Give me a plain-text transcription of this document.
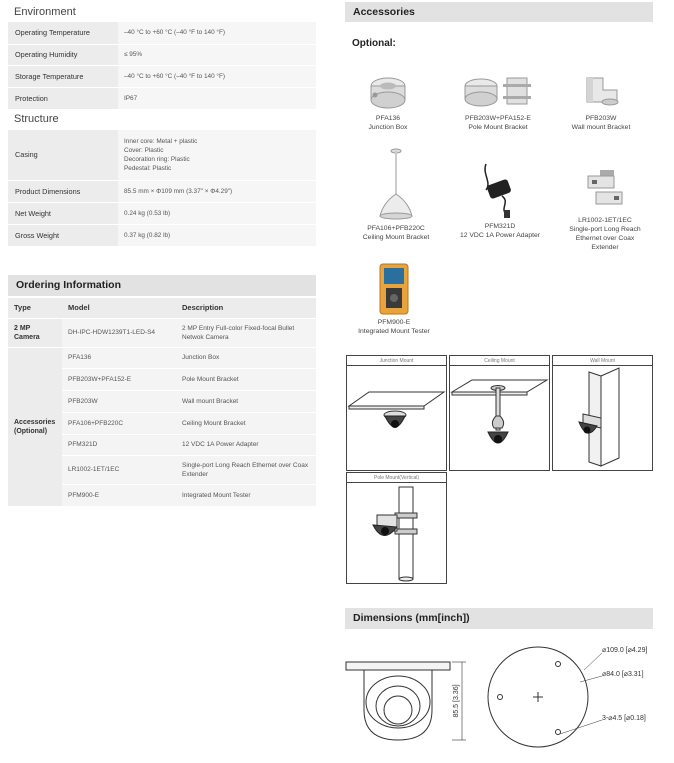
Environment
Operating Temperature	–40 °C to +60 °C (–40 °F to 140 °F)
Operating Humidity	≤ 95%
Storage Temperature	–40 °C to +60 °C (–40 °F to 140 °F)
Protection	IP67
Structure
Casing	Inner core: Metal + plastic
Cover: Plastic
Decoration ring: Plastic
Pedestal: Plastic

Product Dimensions	85.5 mm × Φ109 mm (3.37" × Φ4.29")
Net Weight	0.24 kg (0.53 lb)
Gross Weight	0.37 kg (0.82 lb)
Ordering Information
Type	Model	Description
2 MP Camera	DH-IPC-HDW1239T1-LED-S4	2 MP Entry Full-color Fixed-focal Bullet Netwok Camera
Accessories (Optional)	PFA136	Junction Box
	PFB203W+PFA152-E	Pole Mount Bracket
	PFB203W	Wall mount Bracket
	PFA106+PFB220C	Ceiling Mount Bracket
	PFM321D	12 VDC 1A Power Adapter
	LR1002-1ET/1EC	Single-port Long Reach Ethernet over Coax Extender
	PFM900-E	Integrated Mount Tester
Accessories
Optional:
PFA136
Junction Box
PFB203W+PFA152-E
Pole Mount Bracket
PFB203W
Wall mount Bracket
PFA106+PFB220C
Ceiling Mount Bracket
PFM321D
12 VDC 1A Power Adapter
LR1002-1ET/1EC
Single-port Long Reach Ethernet over Coax Extender
PFM900-E
Integrated Mount Tester
Junction Mount	Ceiling Mount	Wall Mount
Pole Mount(Vertical)
Dimensions (mm[inch])
85.5 [3.36]
⌀109.0 [⌀4.29]
⌀84.0 [⌀3.31]
3-⌀4.5 [⌀0.18]
